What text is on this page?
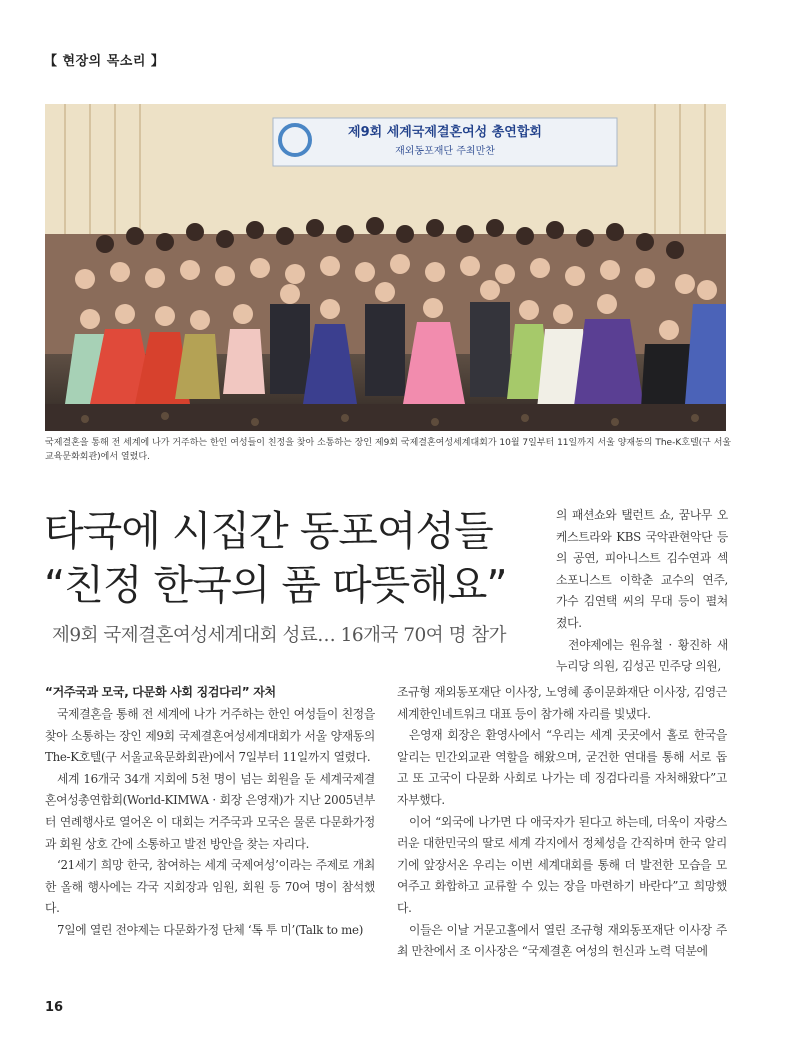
【 현장의 목소리 】
제9회 세계국제결혼여성 총연합회
재외동포재단 주최만찬
국제결혼을 통해 전 세계에 나가 거주하는 한인 여성들이 친정을 찾아 소통하는 장인 제9회 국제결혼여성세계대회가 10월 7일부터 11일까지 서울 양재동의 The-K호텔(구 서울교육문화회관)에서 열렸다.
타국에 시집간 동포여성들
“친정 한국의 품 따뜻해요”
제9회 국제결혼여성세계대회 성료… 16개국 70여 명 참가

의 패션쇼와 탤런트 쇼, 꿈나무 오케스트라와 KBS 국악관현악단 등의 공연, 피아니스트 김수연과 섹소포니스트 이학춘 교수의 연주, 가수 김연택 씨의 무대 등이 펼쳐졌다.

전야제에는 원유철 · 황진하 새누리당 의원, 김성곤 민주당 의원,

“거주국과 모국, 다문화 사회 징검다리” 자처

국제결혼을 통해 전 세계에 나가 거주하는 한인 여성들이 친정을 찾아 소통하는 장인 제9회 국제결혼여성세계대회가 서울 양재동의 The-K호텔(구 서울교육문화회관)에서 7일부터 11일까지 열렸다.

세계 16개국 34개 지회에 5천 명이 넘는 회원을 둔 세계국제결혼여성총연합회(World-KIMWA · 회장 은영재)가 지난 2005년부터 연례행사로 열어온 이 대회는 거주국과 모국은 물론 다문화가정과 회원 상호 간에 소통하고 발전 방안을 찾는 자리다.

‘21세기 희망 한국, 참여하는 세계 국제여성’이라는 주제로 개최한 올해 행사에는 각국 지회장과 임원, 회원 등 70여 명이 참석했다.

7일에 열린 전야제는 다문화가정 단체 ‘톡 투 미’(Talk to me)

조규형 재외동포재단 이사장, 노영혜 종이문화재단 이사장, 김영근 세계한인네트워크 대표 등이 참가해 자리를 빛냈다.

은영재 회장은 환영사에서 “우리는 세계 곳곳에서 홀로 한국을 알리는 민간외교관 역할을 해왔으며, 굳건한 연대를 통해 서로 돕고 또 고국이 다문화 사회로 나가는 데 징검다리를 자처해왔다”고 자부했다.

이어 “외국에 나가면 다 애국자가 된다고 하는데, 더욱이 자랑스러운 대한민국의 딸로 세계 각지에서 정체성을 간직하며 한국 알리기에 앞장서온 우리는 이번 세계대회를 통해 더 발전한 모습을 모여주고 화합하고 교류할 수 있는 장을 마련하기 바란다”고 희망했다.

이들은 이날 거문고홀에서 열린 조규형 재외동포재단 이사장 주최 만찬에서 조 이사장은 “국제결혼 여성의 헌신과 노력 덕분에

16
